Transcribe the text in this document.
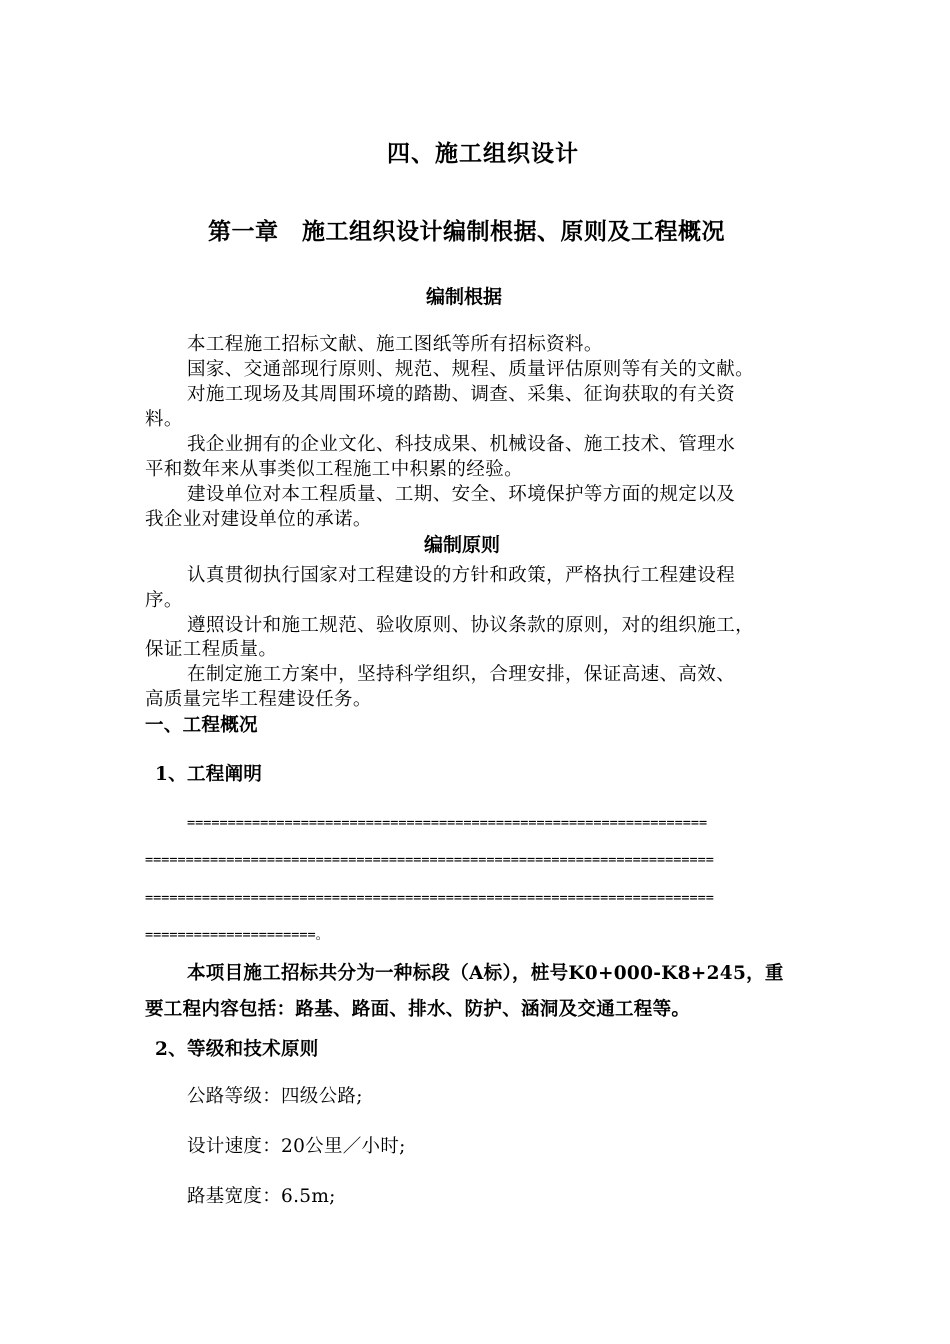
四、施工组织设计
第一章　施工组织设计编制根据、原则及工程概况
编制根据
本工程施工招标文献、施工图纸等所有招标资料。
国家、交通部现行原则、规范、规程、质量评估原则等有关的文献。
对施工现场及其周围环境的踏勘、调查、采集、征询获取的有关资
料。
我企业拥有的企业文化、科技成果、机械设备、施工技术、管理水
平和数年来从事类似工程施工中积累的经验。
建设单位对本工程质量、工期、安全、环境保护等方面的规定以及
我企业对建设单位的承诺。
编制原则
认真贯彻执行国家对工程建设的方针和政策，严格执行工程建设程
序。
遵照设计和施工规范、验收原则、协议条款的原则，对的组织施工，
保证工程质量。
在制定施工方案中，坚持科学组织，合理安排，保证高速、高效、
高质量完毕工程建设任务。
一、工程概况
1、工程阐明
================================================================
======================================================================
======================================================================
=====================。
本项目施工招标共分为一种标段（A标），桩号K0+000-K8+245，重
要工程内容包括：路基、路面、排水、防护、涵洞及交通工程等。
2、等级和技术原则
公路等级：四级公路;
设计速度：20公里／小时;
路基宽度：6.5m;
